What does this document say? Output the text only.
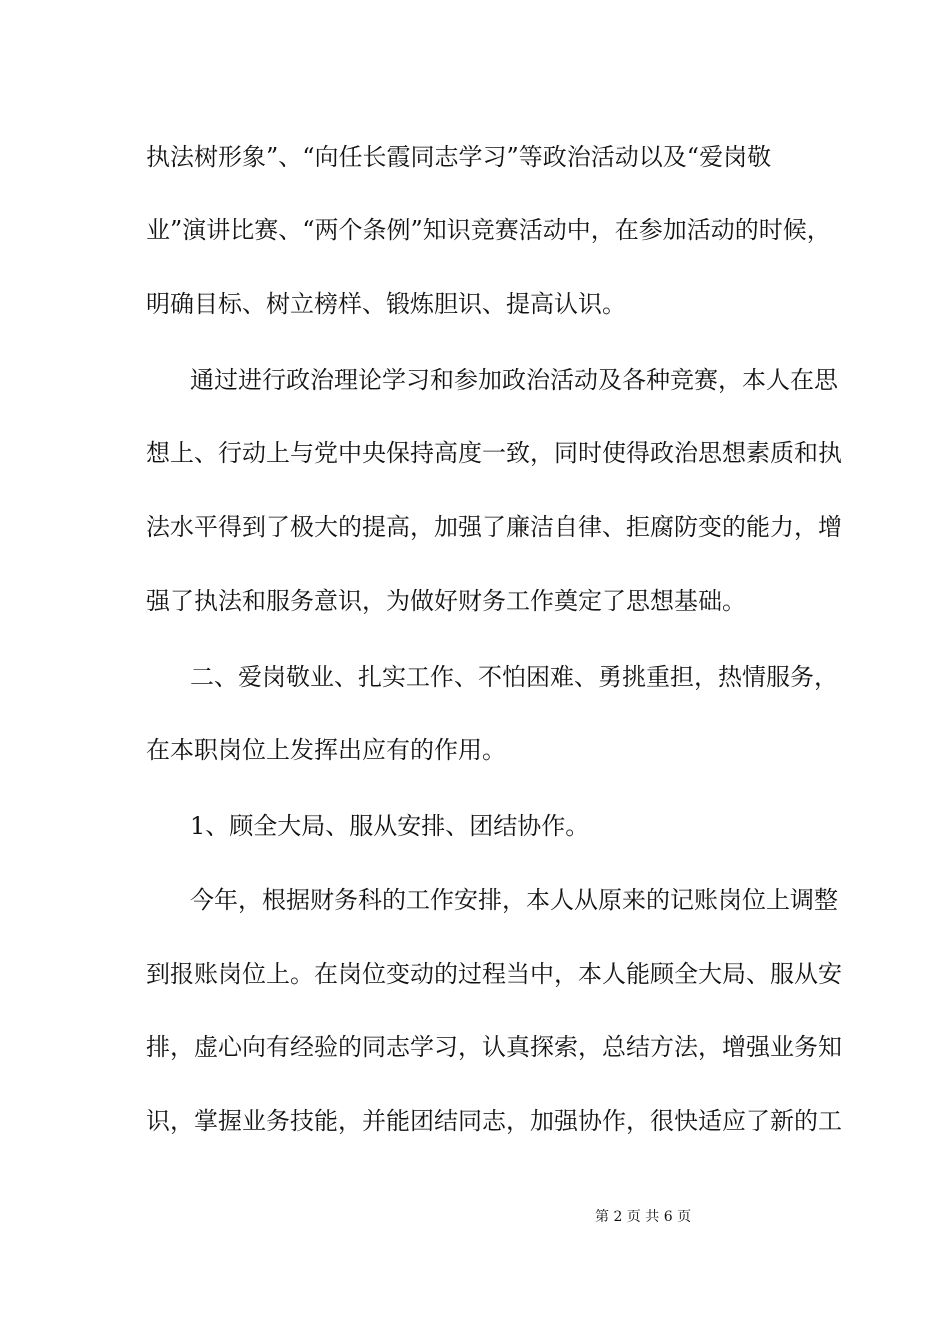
执法树形象”、“向任长霞同志学习”等政治活动以及“爱岗敬
业”演讲比赛、“两个条例”知识竞赛活动中，在参加活动的时候，
明确目标、树立榜样、锻炼胆识、提高认识。
通过进行政治理论学习和参加政治活动及各种竞赛，本人在思
想上、行动上与党中央保持高度一致，同时使得政治思想素质和执
法水平得到了极大的提高，加强了廉洁自律、拒腐防变的能力，增
强了执法和服务意识，为做好财务工作奠定了思想基础。
二、爱岗敬业、扎实工作、不怕困难、勇挑重担，热情服务，
在本职岗位上发挥出应有的作用。
1、顾全大局、服从安排、团结协作。
今年，根据财务科的工作安排，本人从原来的记账岗位上调整
到报账岗位上。在岗位变动的过程当中，本人能顾全大局、服从安
排，虚心向有经验的同志学习，认真探索，总结方法，增强业务知
识，掌握业务技能，并能团结同志，加强协作，很快适应了新的工
第 2 页 共 6 页
